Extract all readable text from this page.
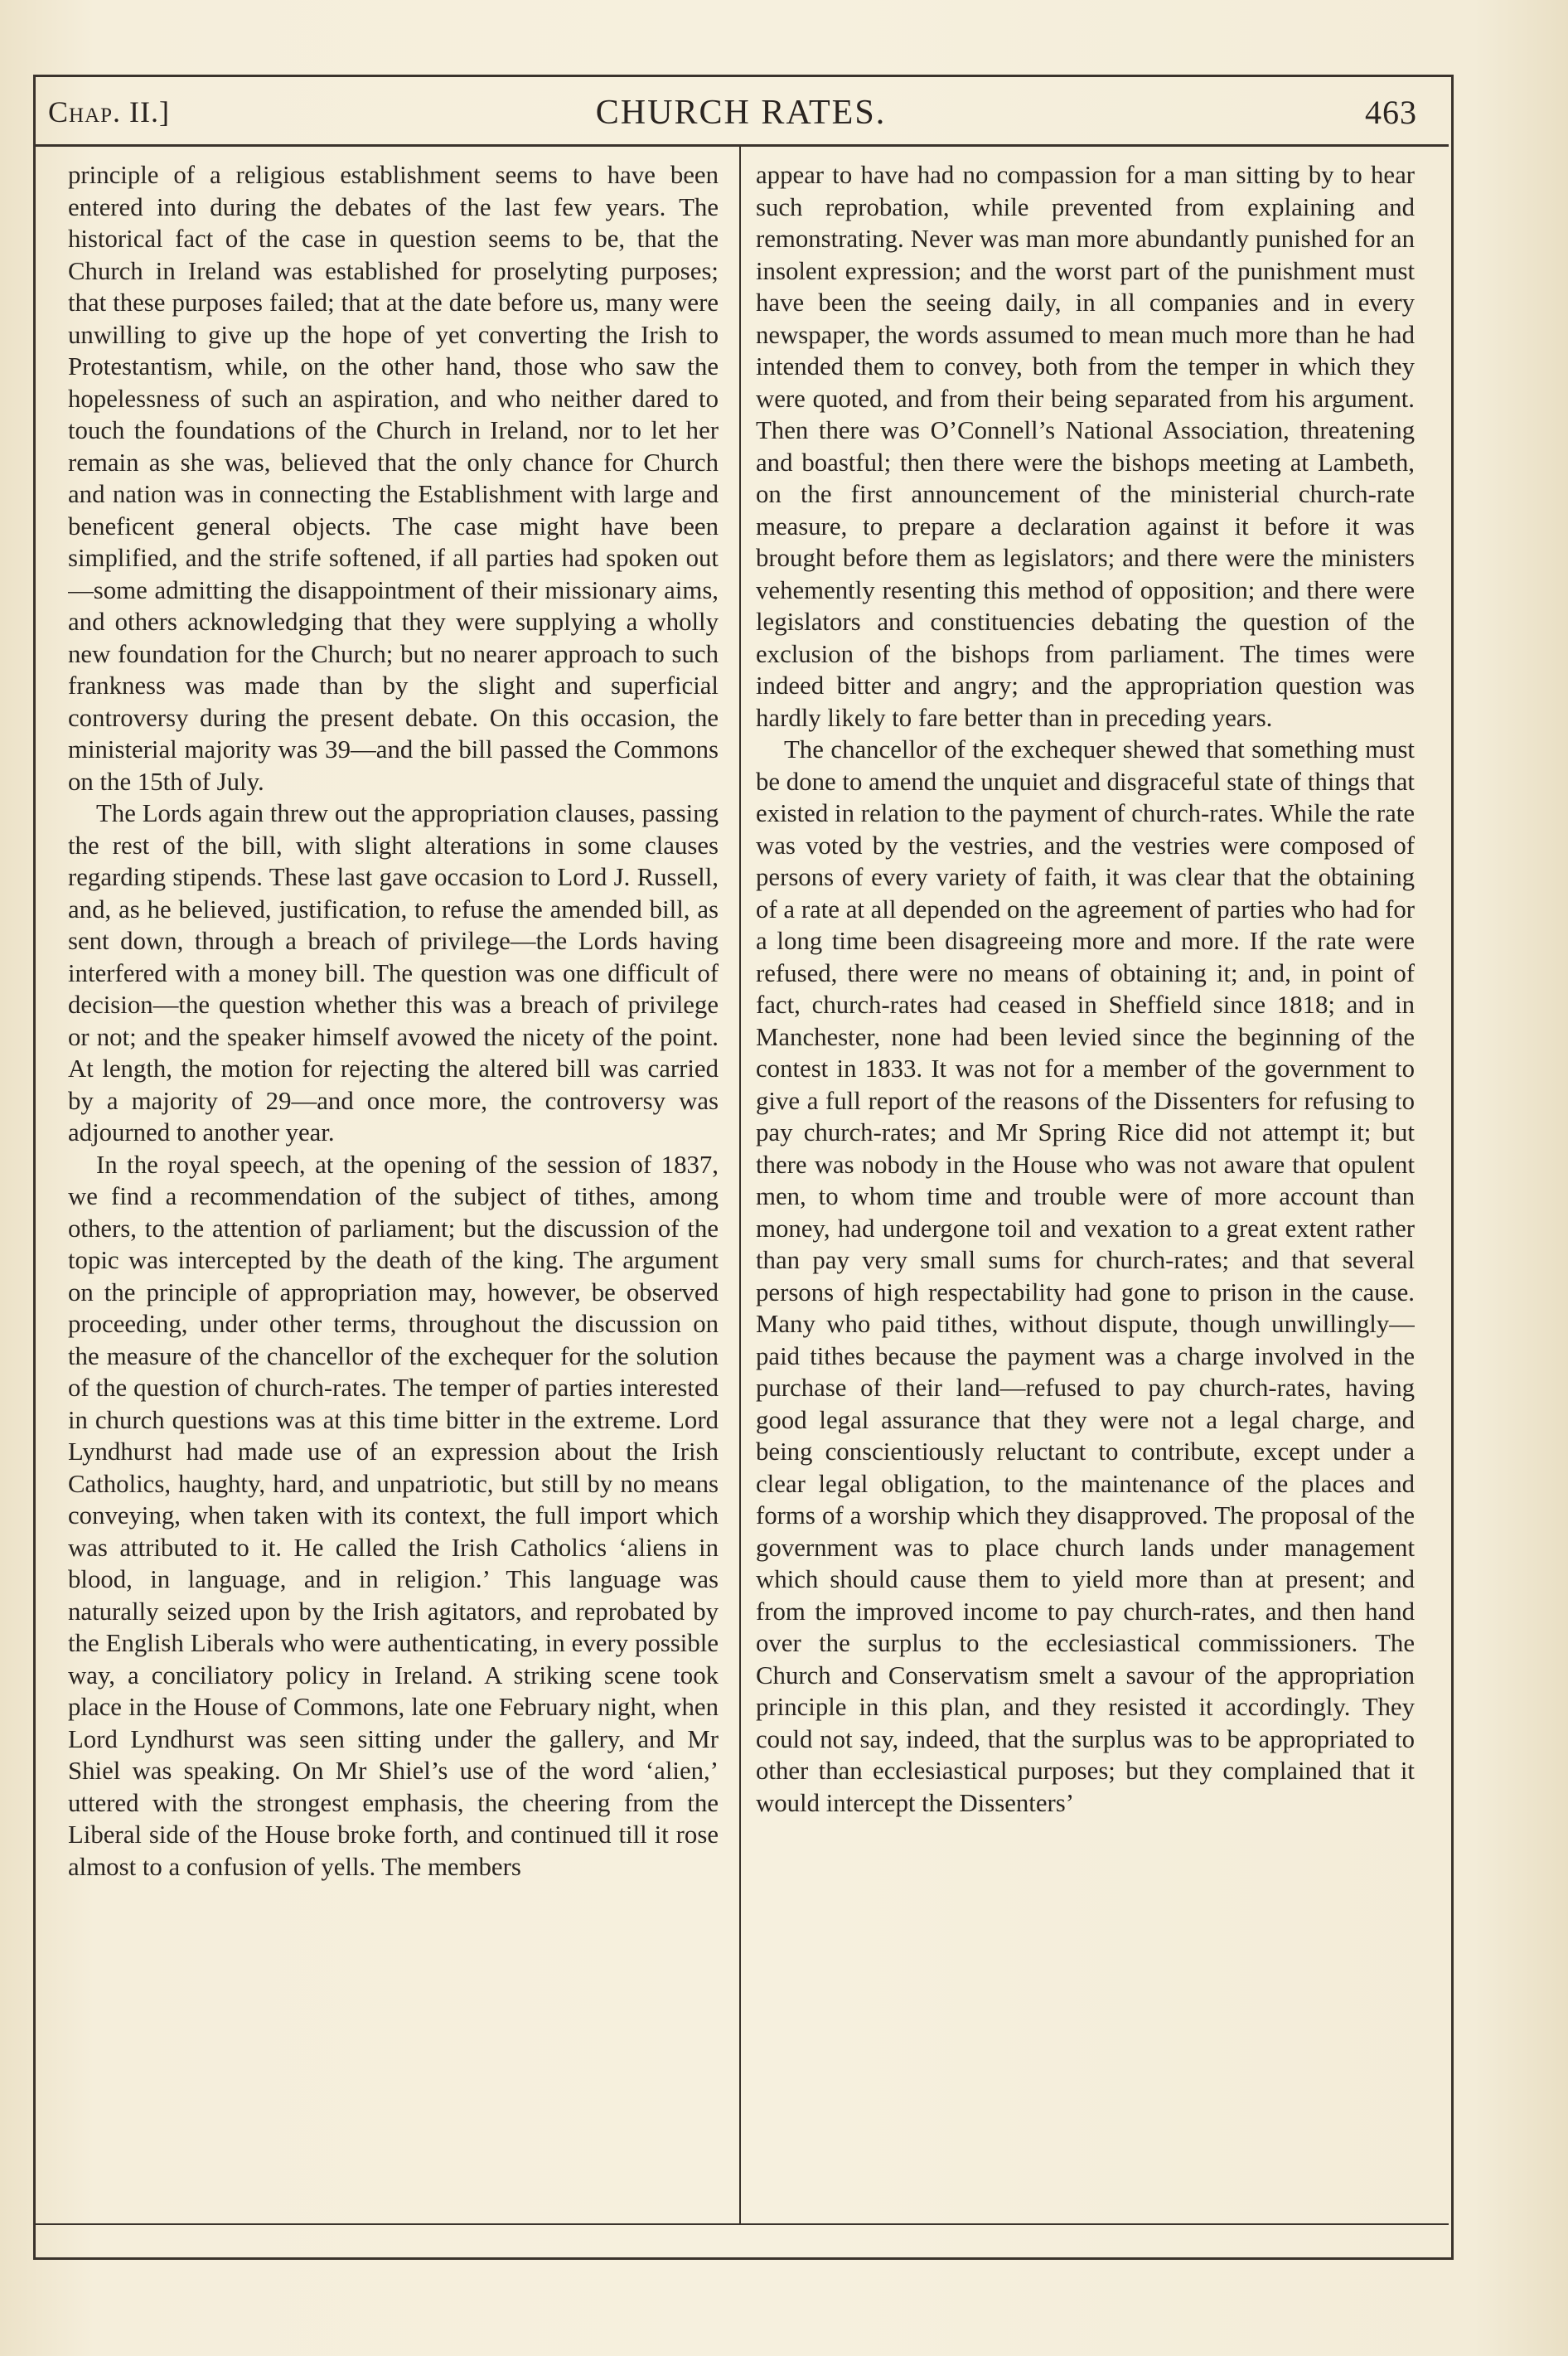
Chap. II.]	CHURCH RATES.	463

principle of a religious establishment seems to have been entered into during the debates of the last few years. The historical fact of the case in question seems to be, that the Church in Ireland was established for proselyting purposes; that these purposes failed; that at the date before us, many were unwilling to give up the hope of yet converting the Irish to Protestantism, while, on the other hand, those who saw the hopelessness of such an aspiration, and who neither dared to touch the foundations of the Church in Ireland, nor to let her remain as she was, believed that the only chance for Church and nation was in connecting the Establishment with large and beneficent general objects. The case might have been simplified, and the strife softened, if all parties had spoken out—some admitting the disappointment of their missionary aims, and others acknowledging that they were supplying a wholly new foundation for the Church; but no nearer approach to such frankness was made than by the slight and superficial controversy during the present debate. On this occasion, the ministerial majority was 39—and the bill passed the Commons on the 15th of July.

The Lords again threw out the appropriation clauses, passing the rest of the bill, with slight alterations in some clauses regarding stipends. These last gave occasion to Lord J. Russell, and, as he believed, justification, to refuse the amended bill, as sent down, through a breach of privilege—the Lords having interfered with a money bill. The question was one difficult of decision—the question whether this was a breach of privilege or not; and the speaker himself avowed the nicety of the point. At length, the motion for rejecting the altered bill was carried by a majority of 29—and once more, the controversy was adjourned to another year.

In the royal speech, at the opening of the session of 1837, we find a recommendation of the subject of tithes, among others, to the attention of parliament; but the discussion of the topic was intercepted by the death of the king. The argument on the principle of appropriation may, however, be observed proceeding, under other terms, throughout the discussion on the measure of the chancellor of the exchequer for the solution of the question of church-rates. The temper of parties interested in church questions was at this time bitter in the extreme. Lord Lyndhurst had made use of an expression about the Irish Catholics, haughty, hard, and unpatriotic, but still by no means conveying, when taken with its context, the full import which was attributed to it. He called the Irish Catholics ‘aliens in blood, in language, and in religion.’ This language was naturally seized upon by the Irish agitators, and reprobated by the English Liberals who were authenticating, in every possible way, a conciliatory policy in Ireland. A striking scene took place in the House of Commons, late one February night, when Lord Lyndhurst was seen sitting under the gallery, and Mr Shiel was speaking. On Mr Shiel’s use of the word ‘alien,’ uttered with the strongest emphasis, the cheering from the Liberal side of the House broke forth, and continued till it rose almost to a confusion of yells. The members

appear to have had no compassion for a man sitting by to hear such reprobation, while prevented from explaining and remonstrating. Never was man more abundantly punished for an insolent expression; and the worst part of the punishment must have been the seeing daily, in all companies and in every newspaper, the words assumed to mean much more than he had intended them to convey, both from the temper in which they were quoted, and from their being separated from his argument. Then there was O’Connell’s National Association, threatening and boastful; then there were the bishops meeting at Lambeth, on the first announcement of the ministerial church-rate measure, to prepare a declaration against it before it was brought before them as legislators; and there were the ministers vehemently resenting this method of opposition; and there were legislators and constituencies debating the question of the exclusion of the bishops from parliament. The times were indeed bitter and angry; and the appropriation question was hardly likely to fare better than in preceding years.

The chancellor of the exchequer shewed that something must be done to amend the unquiet and disgraceful state of things that existed in relation to the payment of church-rates. While the rate was voted by the vestries, and the vestries were composed of persons of every variety of faith, it was clear that the obtaining of a rate at all depended on the agreement of parties who had for a long time been disagreeing more and more. If the rate were refused, there were no means of obtaining it; and, in point of fact, church-rates had ceased in Sheffield since 1818; and in Manchester, none had been levied since the beginning of the contest in 1833. It was not for a member of the government to give a full report of the reasons of the Dissenters for refusing to pay church-rates; and Mr Spring Rice did not attempt it; but there was nobody in the House who was not aware that opulent men, to whom time and trouble were of more account than money, had undergone toil and vexation to a great extent rather than pay very small sums for church-rates; and that several persons of high respectability had gone to prison in the cause. Many who paid tithes, without dispute, though unwillingly—paid tithes because the payment was a charge involved in the purchase of their land—refused to pay church-rates, having good legal assurance that they were not a legal charge, and being conscientiously reluctant to contribute, except under a clear legal obligation, to the maintenance of the places and forms of a worship which they disapproved. The proposal of the government was to place church lands under management which should cause them to yield more than at present; and from the improved income to pay church-rates, and then hand over the surplus to the ecclesiastical commissioners. The Church and Conservatism smelt a savour of the appropriation principle in this plan, and they resisted it accordingly. They could not say, indeed, that the surplus was to be appropriated to other than ecclesiastical purposes; but they complained that it would intercept the Dissenters’
